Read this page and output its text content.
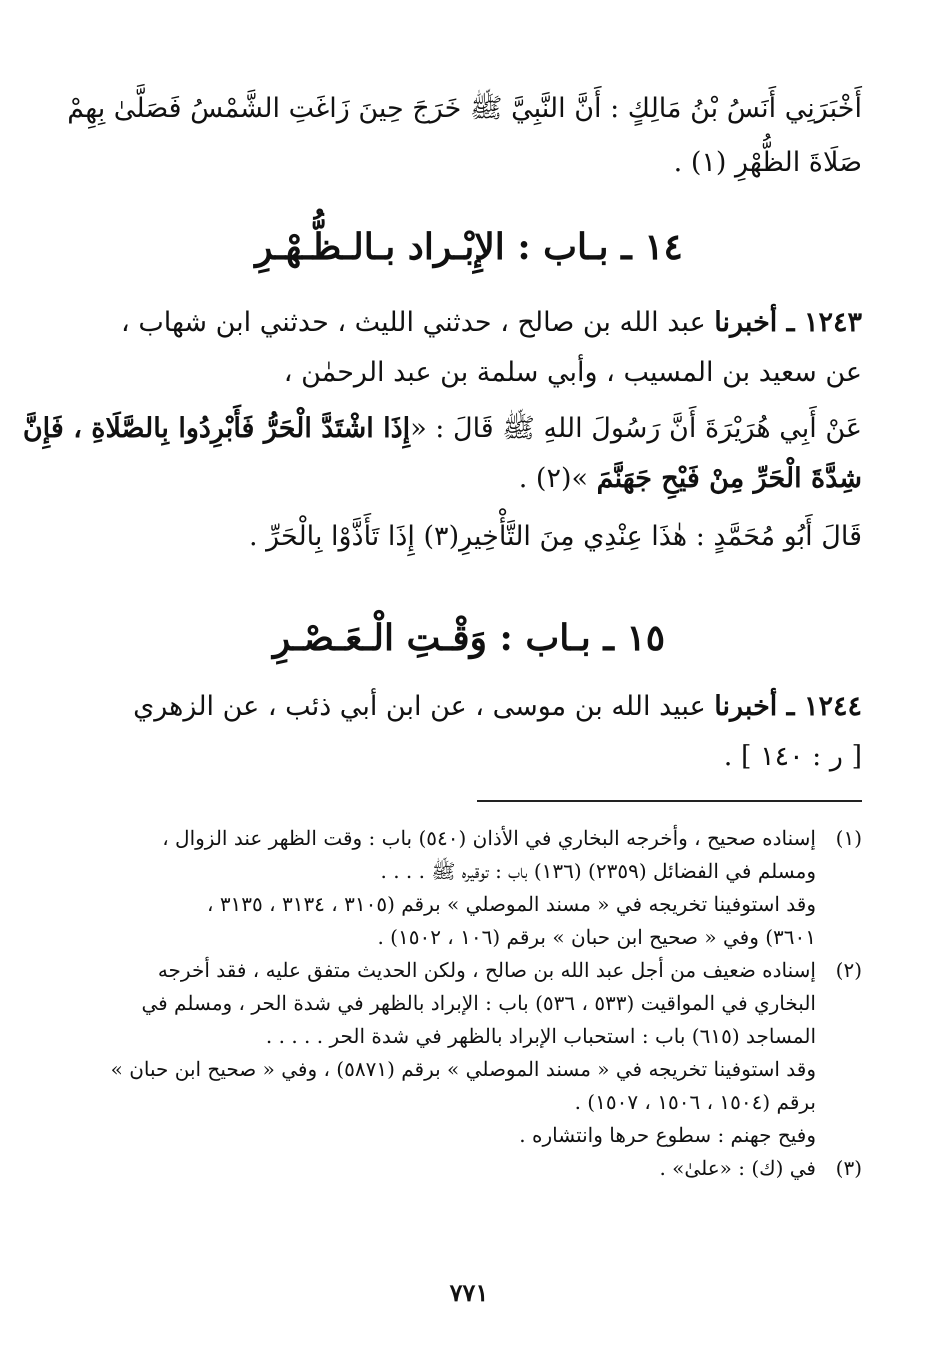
أَخْبَرَنِي أَنَسُ بْنُ مَالِكٍ : أَنَّ النَّبِيَّ ﷺ خَرَجَ حِينَ زَاغَتِ الشَّمْسُ فَصَلَّىٰ بِهِمْ
صَلَاةَ الظُّهْرِ (١) .
١٤ ـ بـاب : الإِبْـراد بـالـظُّـهْـرِ
١٢٤٣ ـ أخبرنا عبد الله بن صالح ، حدثني الليث ، حدثني ابن شهاب ،
عن سعيد بن المسيب ، وأبي سلمة بن عبد الرحمٰن ،
عَنْ أَبِي هُرَيْرَةَ أَنَّ رَسُولَ اللهِ ﷺ قَالَ : «إِذَا اشْتَدَّ الْحَرُّ فَأَبْرِدُوا بِالصَّلَاةِ ، فَإِنَّ
شِدَّةَ الْحَرِّ مِنْ فَيْحِ جَهَنَّمَ »(٢) .
قَالَ أَبُو مُحَمَّدٍ : هٰذَا عِنْدِي مِنَ التَّأْخِيرِ(٣) إِذَا تَأَذَّوْا بِالْحَرِّ .
١٥ ـ بـاب : وَقْـتِ الْـعَـصْـرِ
١٢٤٤ ـ أخبرنا عبيد الله بن موسى ، عن ابن أبي ذئب ، عن الزهري
[ ر : ١٤٠ ] .
(١)
إسناده صحيح ، وأخرجه البخاري في الأذان (٥٤٠) باب : وقت الظهر عند الزوال ،
ومسلم في الفضائل (٢٣٥٩) (١٣٦) باب : توقيره ﷺ . . . .
وقد استوفينا تخريجه في « مسند الموصلي » برقم (٣١٠٥ ، ٣١٣٤ ، ٣١٣٥ ،
٣٦٠١) وفي « صحيح ابن حبان » برقم (١٠٦ ، ١٥٠٢) .
(٢)
إسناده ضعيف من أجل عبد الله بن صالح ، ولكن الحديث متفق عليه ، فقد أخرجه
البخاري في المواقيت (٥٣٣ ، ٥٣٦) باب : الإبراد بالظهر في شدة الحر ، ومسلم في
المساجد (٦١٥) باب : استحباب الإبراد بالظهر في شدة الحر . . . . .
وقد استوفينا تخريجه في « مسند الموصلي » برقم (٥٨٧١) ، وفي « صحيح ابن حبان »
برقم (١٥٠٤ ، ١٥٠٦ ، ١٥٠٧) .
وفيح جهنم : سطوع حرها وانتشاره .
(٣)
في (ك) : «علىٰ» .
٧٧١
